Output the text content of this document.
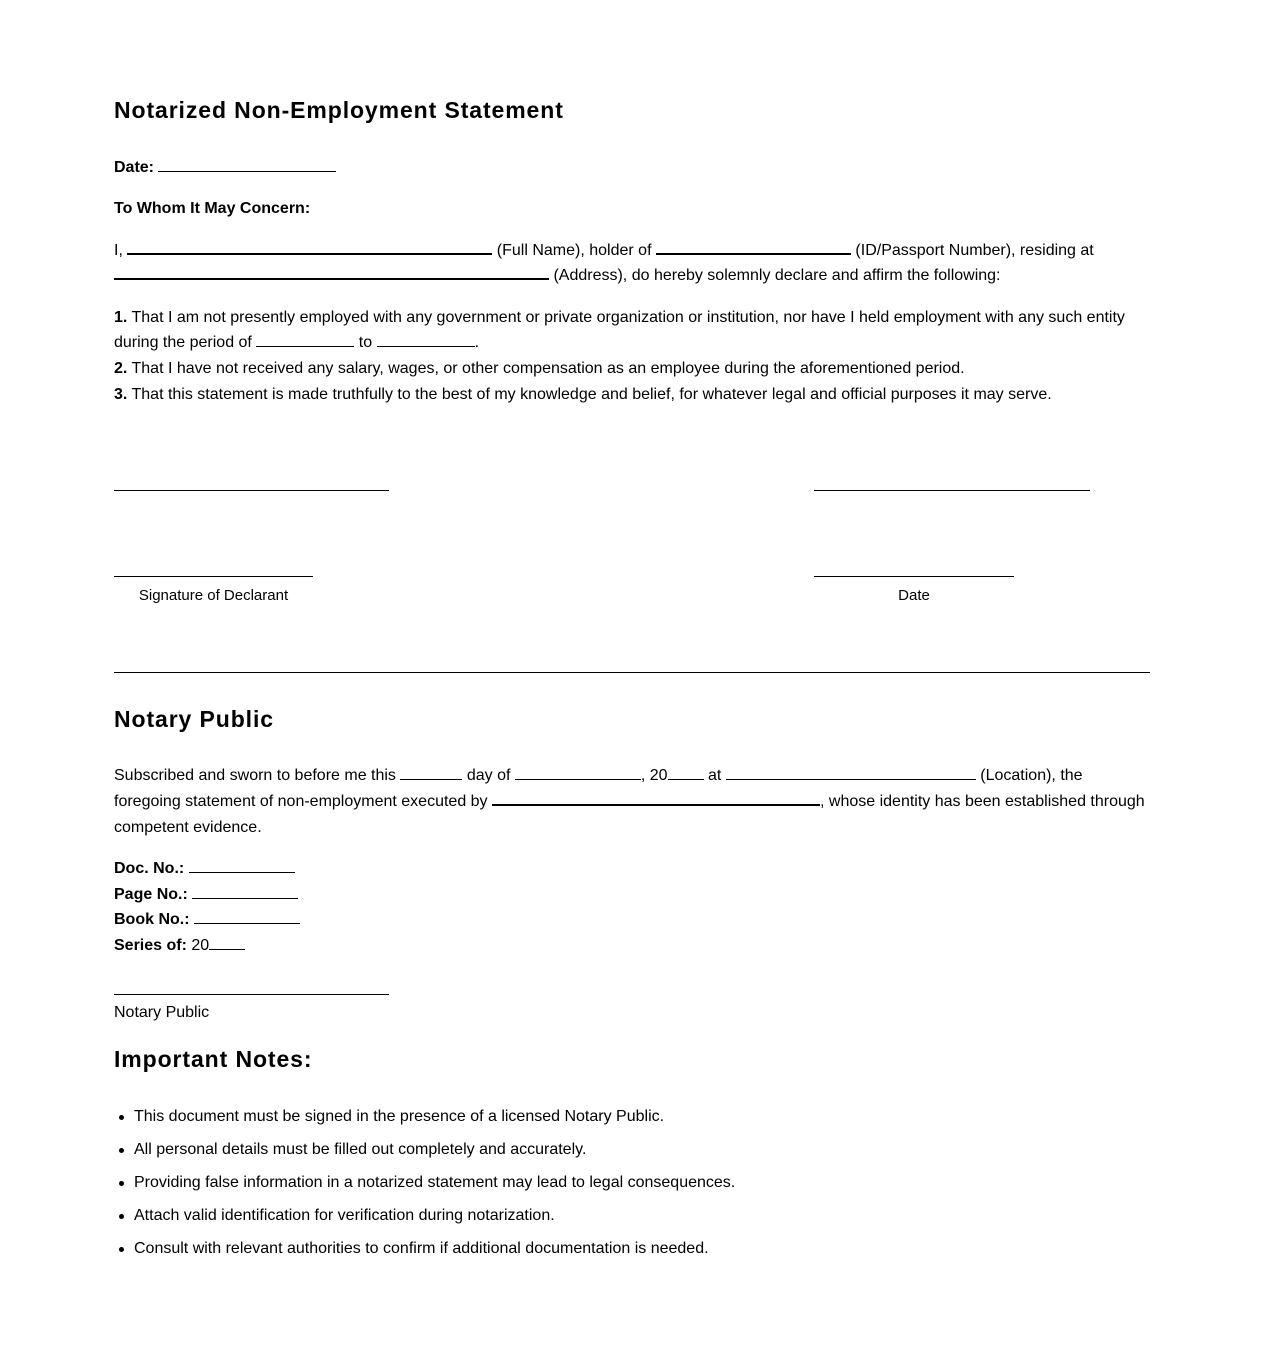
Notarized Non-Employment Statement
Date:
To Whom It May Concern:
I,	(Full Name), holder of	(ID/Passport Number), residing at
(Address), do hereby solemnly declare and affirm the following:
1. That I am not presently employed with any government or private organization or institution, nor have I held employment with any such entity
during the period of	to	.
2. That I have not received any salary, wages, or other compensation as an employee during the aforementioned period.
3. That this statement is made truthfully to the best of my knowledge and belief, for whatever legal and official purposes it may serve.
Signature of Declarant	Date
Notary Public
Subscribed and sworn to before me this	day of	, 20	at	(Location), the
foregoing statement of non-employment executed by	, whose identity has been established through
competent evidence.
Doc. No.:
Page No.:
Book No.:
Series of: 20
Notary Public
Important Notes:
This document must be signed in the presence of a licensed Notary Public.
All personal details must be filled out completely and accurately.
Providing false information in a notarized statement may lead to legal consequences.
Attach valid identification for verification during notarization.
Consult with relevant authorities to confirm if additional documentation is needed.
